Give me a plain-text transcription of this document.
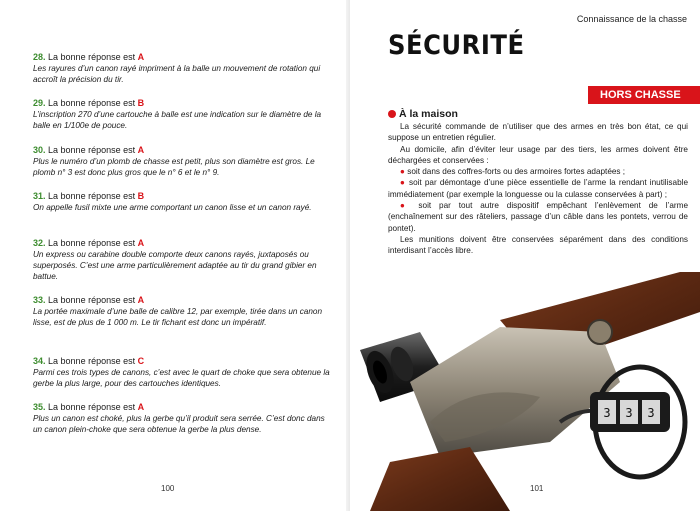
28. La bonne réponse est A
Les rayures d’un canon rayé impriment à la balle un mouvement de rotation qui accroît la précision du tir.
29. La bonne réponse est B
L’inscription 270 d’une cartouche à balle est une indication sur le diamètre de la balle en 1/100e de pouce.
30. La bonne réponse est A
Plus le numéro d’un plomb de chasse est petit, plus son diamètre est gros. Le plomb n° 3 est donc plus gros que le n° 6 et le n° 9.
31. La bonne réponse est B
On appelle fusil mixte une arme comportant un canon lisse et un canon rayé.
32. La bonne réponse est A
Un express ou carabine double comporte deux canons rayés, juxtaposés ou superposés. C’est une arme particulièrement adaptée au tir du grand gibier en battue.
33. La bonne réponse est A
La portée maximale d’une balle de calibre 12, par exemple, tirée dans un canon lisse, est de plus de 1 000 m. Le tir fichant est donc un impératif.
34. La bonne réponse est C
Parmi ces trois types de canons, c’est avec le quart de choke que sera obtenue la gerbe la plus large, pour des cartouches identiques.
35. La bonne réponse est A
Plus un canon est choké, plus la gerbe qu’il produit sera serrée. C’est donc dans un canon plein-choke que sera obtenue la gerbe la plus dense.
100
Connaissance de la chasse
SÉCURITÉ
HORS CHASSE
À la maison

La sécurité commande de n’utiliser que des armes en très bon état, ce qui suppose un entretien régulier.

Au domicile, afin d’éviter leur usage par des tiers, les armes doivent être déchargées et conservées :

● soit dans des coffres-forts ou des armoires fortes adaptées ;

● soit par démontage d’une pièce essentielle de l’arme la rendant inutilisable immédiatement (par exemple la longuesse ou la culasse conservées à part) ;

● soit par tout autre dispositif empêchant l’enlèvement de l’arme (enchaînement sur des râteliers, passage d’un câble dans les pontets, verrou de pontet).

Les munitions doivent être conservées séparément dans des conditions interdisant l’accès libre.

3 3 3
101
